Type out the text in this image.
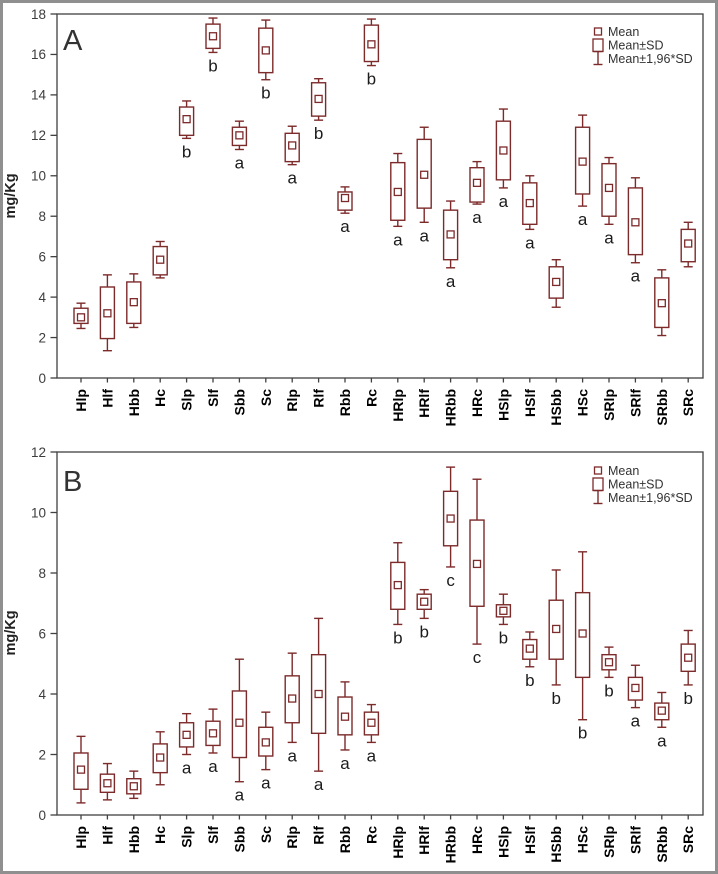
0
2
4
6
8
10
12
14
16
18
mg/Kg
A
Hlp Hlf Hbb Hc
b
Slp
b
Slf
a
Sbb
b
Sc
a
Rlp
b
Rlf
a
Rbb
b
Rc
a
HRlp
a
HRlf
a
HRbb
a
HRc
a
HSlp
a
HSlf HSbb
a
HSc
a
SRlp
a
SRlf SRbb SRc
Mean
Mean±SD
Mean±1,96*SD
0
2
4
6
8
10
12
mg/Kg
B
Hlp Hlf Hbb Hc
a
Slp
a
Slf
a
Sbb
a
Sc
a
Rlp
a
Rlf
a
Rbb
a
Rc
b
HRlp
b
HRlf
c
HRbb
c
HRc
b
HSlp
b
HSlf
b
HSbb
b
HSc
b
SRlp
a
SRlf
a
SRbb
b
SRc
Mean
Mean±SD
Mean±1,96*SD
